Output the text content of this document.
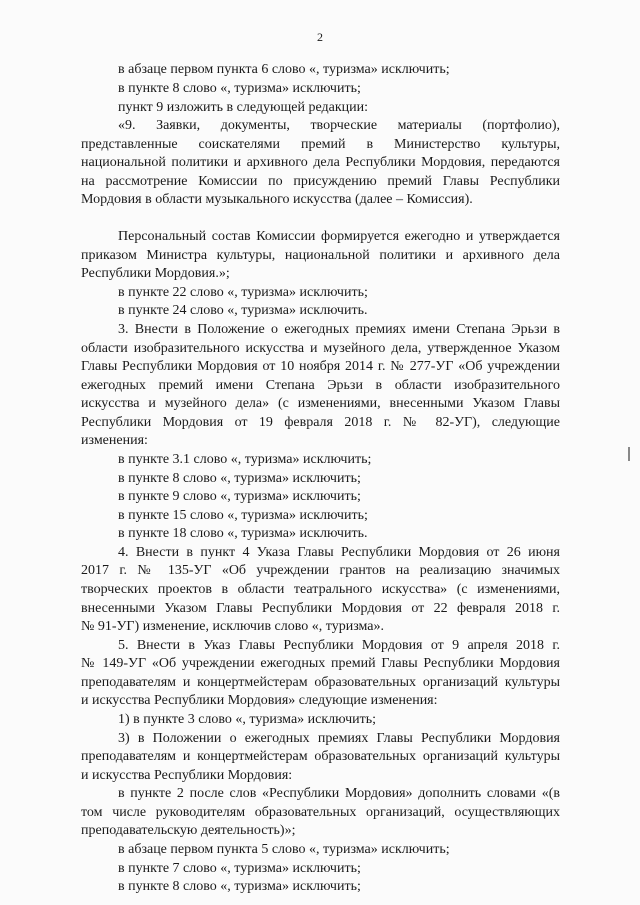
2
в абзаце первом пункта 6 слово «, туризма» исключить;
в пункте 8 слово «, туризма» исключить;
пункт 9 изложить в следующей редакции:
«9. Заявки, документы, творческие материалы (портфолио),
представленные соискателями премий в Министерство культуры,
национальной политики и архивного дела Республики Мордовия, передаются
на рассмотрение Комиссии по присуждению премий Главы Республики
Мордовия в области музыкального искусства (далее – Комиссия).
Персональный состав Комиссии формируется ежегодно и утверждается
приказом Министра культуры, национальной политики и архивного дела
Республики Мордовия.»;
в пункте 22 слово «, туризма» исключить;
в пункте 24 слово «, туризма» исключить.
3. Внести в Положение о ежегодных премиях имени Степана Эрьзи в
области изобразительного искусства и музейного дела, утвержденное Указом
Главы Республики Мордовия от 10 ноября 2014 г. № 277-УГ «Об учреждении
ежегодных премий имени Степана Эрьзи в области изобразительного
искусства и музейного дела» (с изменениями, внесенными Указом Главы
Республики Мордовия от 19 февраля 2018 г. № 82-УГ), следующие
изменения:
в пункте 3.1 слово «, туризма» исключить;
в пункте 8 слово «, туризма» исключить;
в пункте 9 слово «, туризма» исключить;
в пункте 15 слово «, туризма» исключить;
в пункте 18 слово «, туризма» исключить.
4. Внести в пункт 4 Указа Главы Республики Мордовия от 26 июня
2017 г. № 135-УГ «Об учреждении грантов на реализацию значимых
творческих проектов в области театрального искусства» (с изменениями,
внесенными Указом Главы Республики Мордовия от 22 февраля 2018 г.
№ 91-УГ) изменение, исключив слово «, туризма».
5. Внести в Указ Главы Республики Мордовия от 9 апреля 2018 г.
№ 149-УГ «Об учреждении ежегодных премий Главы Республики Мордовия
преподавателям и концертмейстерам образовательных организаций культуры
и искусства Республики Мордовия» следующие изменения:
1) в пункте 3 слово «, туризма» исключить;
3) в Положении о ежегодных премиях Главы Республики Мордовия
преподавателям и концертмейстерам образовательных организаций культуры
и искусства Республики Мордовия:
в пункте 2 после слов «Республики Мордовия» дополнить словами «(в
том числе руководителям образовательных организаций, осуществляющих
преподавательскую деятельность)»;
в абзаце первом пункта 5 слово «, туризма» исключить;
в пункте 7 слово «, туризма» исключить;
в пункте 8 слово «, туризма» исключить;
